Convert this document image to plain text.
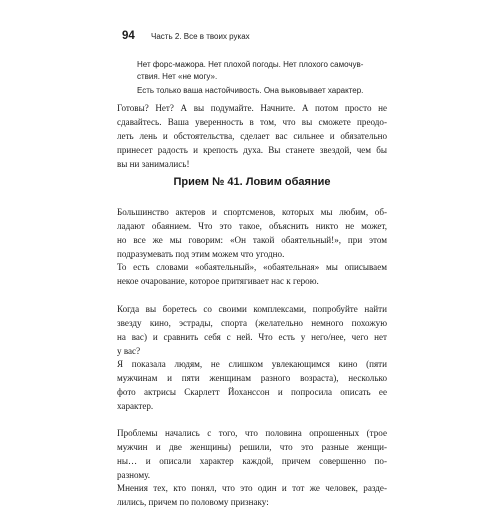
94 Часть 2. Все в твоих руках
Нет форс-мажора. Нет плохой погоды. Нет плохого самочув-
ствия. Нет «не могу».
Есть только ваша настойчивость. Она выковывает характер.
Готовы? Нет? А вы подумайте. Начните. А потом просто не
сдавайтесь. Ваша уверенность в том, что вы сможете преодо-
леть лень и обстоятельства, сделает вас сильнее и обязательно
принесет радость и крепость духа. Вы станете звездой, чем бы
вы ни занимались!
Прием № 41. Ловим обаяние
Большинство актеров и спортсменов, которых мы любим, об-
ладают обаянием. Что это такое, объяснить никто не может,
но все же мы говорим: «Он такой обаятельный!», при этом
подразумевать под этим можем что угодно.
То есть словами «обаятельный», «обаятельная» мы описываем
некое очарование, которое притягивает нас к герою.
Когда вы боретесь со своими комплексами, попробуйте найти
звезду кино, эстрады, спорта (желательно немного похожую
на вас) и сравнить себя с ней. Что есть у него/нее, чего нет
у вас?
Я показала людям, не слишком увлекающимся кино (пяти
мужчинам и пяти женщинам разного возраста), несколько
фото актрисы Скарлетт Йоханссон и попросила описать ее
характер.
Проблемы начались с того, что половина опрошенных (трое
мужчин и две женщины) решили, что это разные женщи-
ны… и описали характер каждой, причем совершенно по-
разному.
Мнения тех, кто понял, что это один и тот же человек, разде-
лились, причем по половому признаку:
